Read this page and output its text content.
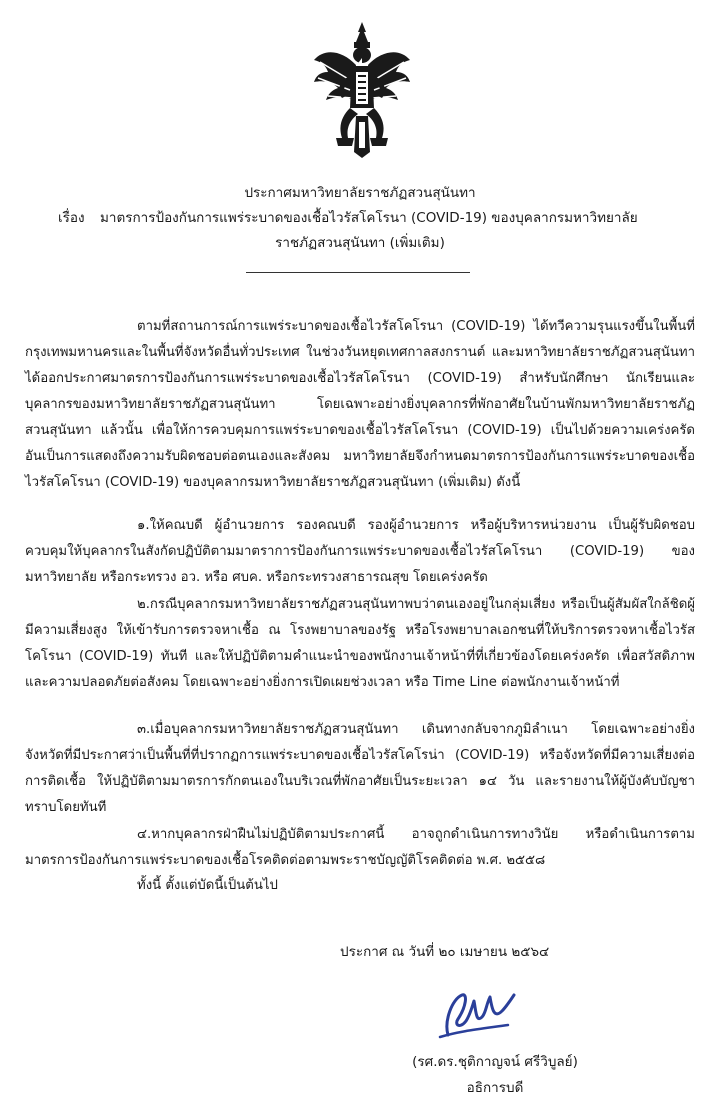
ประกาศมหาวิทยาลัยราชภัฏสวนสุนันทา
เรื่อง มาตรการป้องกันการแพร่ระบาดของเชื้อไวรัสโคโรนา (COVID-19) ของบุคลากรมหาวิทยาลัย
ราชภัฏสวนสุนันทา (เพิ่มเติม)
ตามที่สถานการณ์การแพร่ระบาดของเชื้อไวรัสโคโรนา (COVID-19) ได้ทวีความรุนแรงขึ้นในพื้นที่กรุงเทพมหานครและในพื้นที่จังหวัดอื่นทั่วประเทศ ในช่วงวันหยุดเทศกาลสงกรานต์ และมหาวิทยาลัยราชภัฏสวนสุนันทาได้ออกประกาศมาตรการป้องกันการแพร่ระบาดของเชื้อไวรัสโคโรนา (COVID-19) สำหรับนักศึกษา นักเรียนและบุคลากรของมหาวิทยาลัยราชภัฏสวนสุนันทา โดยเฉพาะอย่างยิ่งบุคลากรที่พักอาศัยในบ้านพักมหาวิทยาลัยราชภัฏสวนสุนันทา แล้วนั้น เพื่อให้การควบคุมการแพร่ระบาดของเชื้อไวรัสโคโรนา (COVID-19) เป็นไปด้วยความเคร่งครัด อันเป็นการแสดงถึงความรับผิดชอบต่อตนเองและสังคม มหาวิทยาลัยจึงกำหนดมาตรการป้องกันการแพร่ระบาดของเชื้อไวรัสโคโรนา (COVID-19) ของบุคลากรมหาวิทยาลัยราชภัฏสวนสุนันทา (เพิ่มเติม) ดังนี้
๑.ให้คณบดี ผู้อำนวยการ รองคณบดี รองผู้อำนวยการ หรือผู้บริหารหน่วยงาน เป็นผู้รับผิดชอบควบคุมให้บุคลากรในสังกัดปฏิบัติตามมาตราการป้องกันการแพร่ระบาดของเชื้อไวรัสโคโรนา (COVID-19) ของมหาวิทยาลัย หรือกระทรวง อว. หรือ ศบค. หรือกระทรวงสาธารณสุข โดยเคร่งครัด
๒.กรณีบุคลากรมหาวิทยาลัยราชภัฏสวนสุนันทาพบว่าตนเองอยู่ในกลุ่มเสี่ยง หรือเป็นผู้สัมผัสใกล้ชิดผู้มีความเสี่ยงสูง ให้เข้ารับการตรวจหาเชื้อ ณ โรงพยาบาลของรัฐ หรือโรงพยาบาลเอกชนที่ให้บริการตรวจหาเชื้อไวรัสโคโรนา (COVID-19) ทันที และให้ปฏิบัติตามคำแนะนำของพนักงานเจ้าหน้าที่ที่เกี่ยวข้องโดยเคร่งครัด เพื่อสวัสดิภาพและความปลอดภัยต่อสังคม โดยเฉพาะอย่างยิ่งการเปิดเผยช่วงเวลา หรือ Time Line ต่อพนักงานเจ้าหน้าที่
๓.เมื่อบุคลากรมหาวิทยาลัยราชภัฏสวนสุนันทา เดินทางกลับจากภูมิลำเนา โดยเฉพาะอย่างยิ่งจังหวัดที่มีประกาศว่าเป็นพื้นที่ที่ปรากฏการแพร่ระบาดของเชื้อไวรัสโคโรน่า (COVID-19) หรือจังหวัดที่มีความเสี่ยงต่อการติดเชื้อ ให้ปฏิบัติตามมาตรการกักตนเองในบริเวณที่พักอาศัยเป็นระยะเวลา ๑๔ วัน และรายงานให้ผู้บังคับบัญชาทราบโดยทันที
๔.หากบุคลากรฝ่าฝืนไม่ปฏิบัติตามประกาศนี้ อาจถูกดำเนินการทางวินัย หรือดำเนินการตามมาตรการป้องกันการแพร่ระบาดของเชื้อโรคติดต่อตามพระราชบัญญัติโรคติดต่อ พ.ศ. ๒๕๕๘
ทั้งนี้ ตั้งแต่บัดนี้เป็นต้นไป
ประกาศ ณ วันที่ ๒๐ เมษายน ๒๕๖๔
(รศ.ดร.ชุติกาญจน์ ศรีวิบูลย์)
อธิการบดี
